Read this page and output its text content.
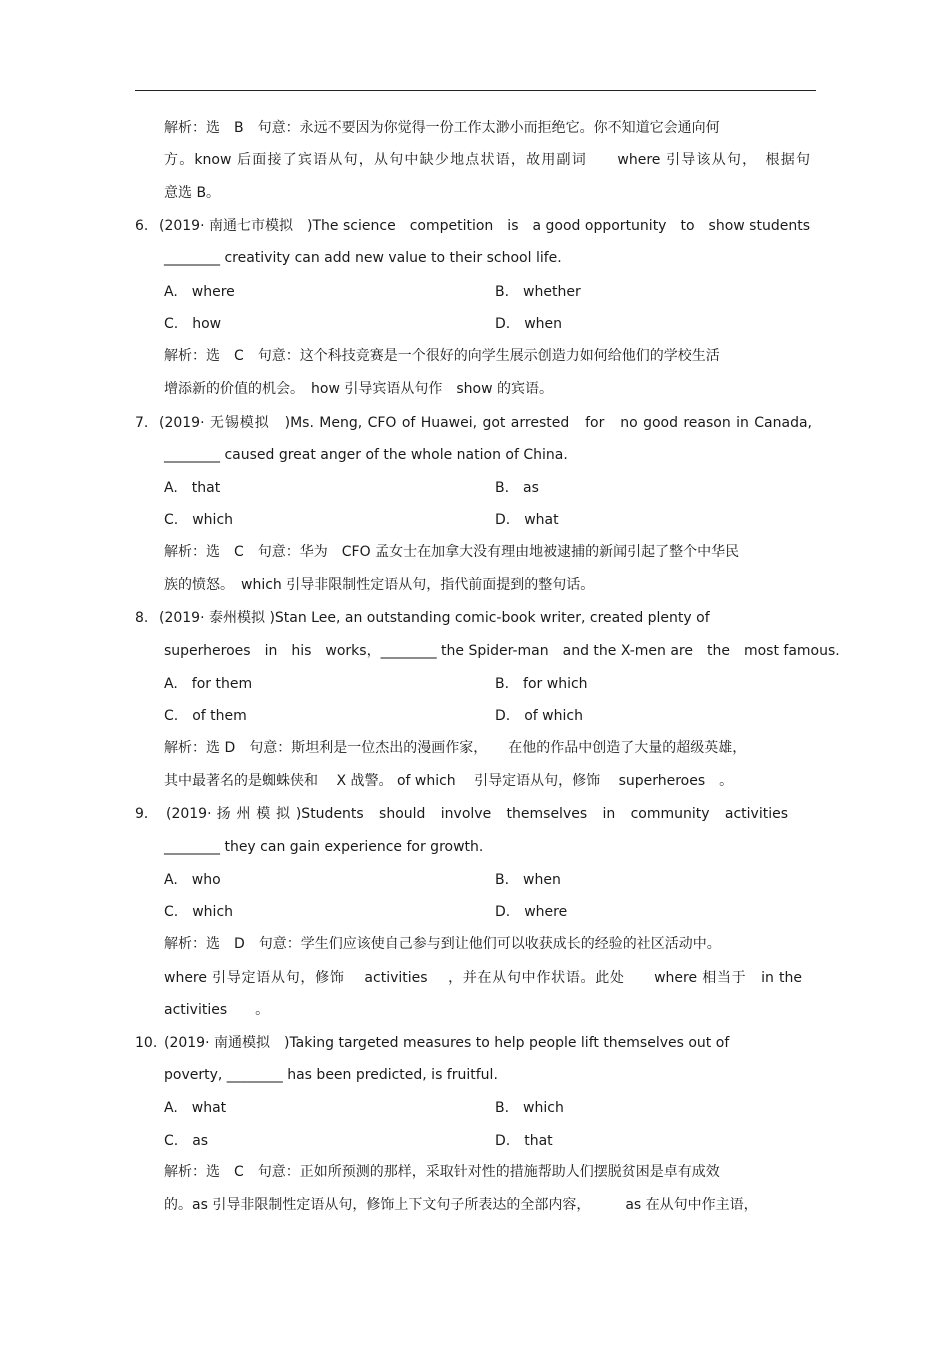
解析：选　B　句意：永远不要因为你觉得一份工作太渺小而拒绝它。你不知道它会通向何
方。know 后面接了宾语从句，从句中缺少地点状语，故用副词　　where 引导该从句，　根据句
意选 B。
6. (2019· 南通七市模拟　)The science　competition　is　a good opportunity　to　show students
________ creativity can add new value to their school life.
A.　where	B.　whether
C.　how	D.　when
解析：选　C　句意：这个科技竞赛是一个很好的向学生展示创造力如何给他们的学校生活
增添新的价值的机会。　how 引导宾语从句作　show 的宾语。
7. (2019· 无锡模拟　)Ms. Meng, CFO of Huawei, got arrested　for　no good reason in Canada,
________ caused great anger of the whole nation of China.
A.　that	B.　as
C.　which	D.　what
解析：选　C　句意：华为　CFO 孟女士在加拿大没有理由地被逮捕的新闻引起了整个中华民
族的愤怒。　which 引导非限制性定语从句，指代前面提到的整句话。
8. (2019· 泰州模拟 )Stan Lee, an outstanding comic-book writer, created plenty of
superheroes　in　his　works，________ the Spider-man　and the X-men are　the　most famous.
A.　for them	B.　for which
C.　of them	D.　of which
解析：选 D　句意：斯坦利是一位杰出的漫画作家，　　在他的作品中创造了大量的超级英雄，
其中最著名的是蜘蛛侠和　 X 战警。 of which　 引导定语从句，修饰　 superheroes　。
9． (2019· 扬 州 模 拟 )Students　should　involve　themselves　in　community　activities
________ they can gain experience for growth.
A.　who	B.　when
C.　which	D.　where
解析：选　D　句意：学生们应该使自己参与到让他们可以收获成长的经验的社区活动中。
where 引导定语从句，修饰　 activities　 ，并在从句中作状语。此处　　where 相当于　in the
activities　　。
10. (2019· 南通模拟　)Taking targeted measures to help people lift themselves out of
poverty, ________ has been predicted, is fruitful.
A.　what	B.　which
C.　as	D.　that
解析：选　C　句意：正如所预测的那样，采取针对性的措施帮助人们摆脱贫困是卓有成效
的。as 引导非限制性定语从句，修饰上下文句子所表达的全部内容，　　　as 在从句中作主语，
